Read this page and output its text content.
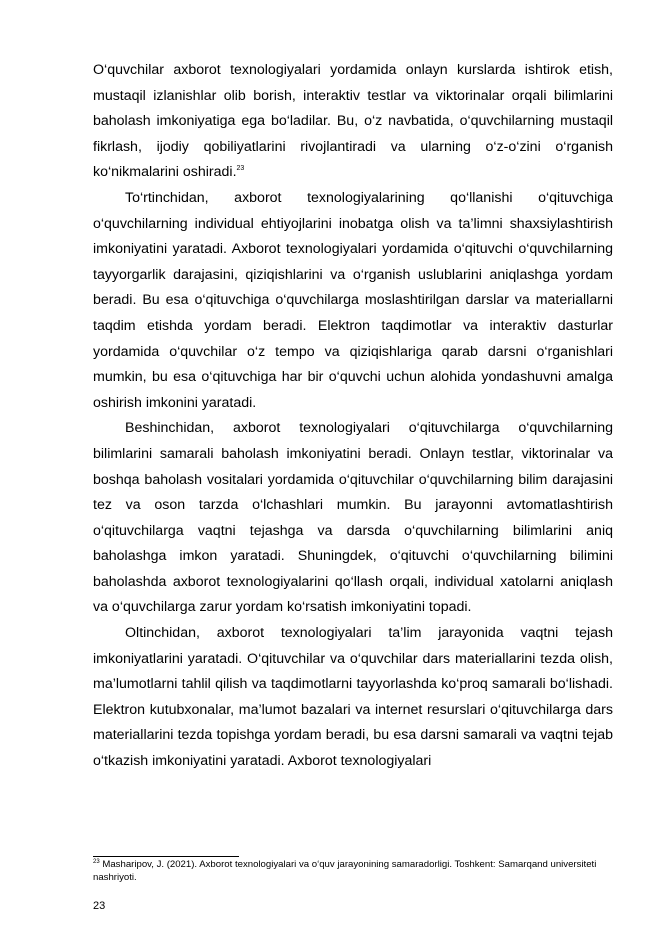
O‘quvchilar axborot texnologiyalari yordamida onlayn kurslarda ishtirok etish, mustaqil izlanishlar olib borish, interaktiv testlar va viktorinalar orqali bilimlarini baholash imkoniyatiga ega bo‘ladilar. Bu, o‘z navbatida, o‘quvchilarning mustaqil fikrlash, ijodiy qobiliyatlarini rivojlantiradi va ularning o‘z-o‘zini o‘rganish ko‘nikmalarini oshiradi.$^{23}$

To‘rtinchidan, axborot texnologiyalarining qo‘llanishi o‘qituvchiga o‘quvchilarning individual ehtiyojlarini inobatga olish va ta’limni shaxsiylashtirish imkoniyatini yaratadi. Axborot texnologiyalari yordamida o‘qituvchi o‘quvchilarning tayyorgarlik darajasini, qiziqishlarini va o‘rganish uslublarini aniqlashga yordam beradi. Bu esa o‘qituvchiga o‘quvchilarga moslashtirilgan darslar va materiallarni taqdim etishda yordam beradi. Elektron taqdimotlar va interaktiv dasturlar yordamida o‘quvchilar o‘z tempo va qiziqishlariga qarab darsni o‘rganishlari mumkin, bu esa o‘qituvchiga har bir o‘quvchi uchun alohida yondashuvni amalga oshirish imkonini yaratadi.

Beshinchidan, axborot texnologiyalari o‘qituvchilarga o‘quvchilarning bilimlarini samarali baholash imkoniyatini beradi. Onlayn testlar, viktorinalar va boshqa baholash vositalari yordamida o‘qituvchilar o‘quvchilarning bilim darajasini tez va oson tarzda o‘lchashlari mumkin. Bu jarayonni avtomatlashtirish o‘qituvchilarga vaqtni tejashga va darsda o‘quvchilarning bilimlarini aniq baholashga imkon yaratadi. Shuningdek, o‘qituvchi o‘quvchilarning bilimini baholashda axborot texnologiyalarini qo‘llash orqali, individual xatolarni aniqlash va o‘quvchilarga zarur yordam ko‘rsatish imkoniyatini topadi.

Oltinchidan, axborot texnologiyalari ta’lim jarayonida vaqtni tejash imkoniyatlarini yaratadi. O‘qituvchilar va o‘quvchilar dars materiallarini tezda olish, ma’lumotlarni tahlil qilish va taqdimotlarni tayyorlashda ko‘proq samarali bo‘lishadi. Elektron kutubxonalar, ma’lumot bazalari va internet resurslari o‘qituvchilarga dars materiallarini tezda topishga yordam beradi, bu esa darsni samarali va vaqtni tejab o‘tkazish imkoniyatini yaratadi. Axborot texnologiyalari

$^{23}$ Masharipov, J. (2021). Axborot texnologiyalari va o‘quv jarayonining samaradorligi. Toshkent: Samarqand universiteti nashriyoti.

23
